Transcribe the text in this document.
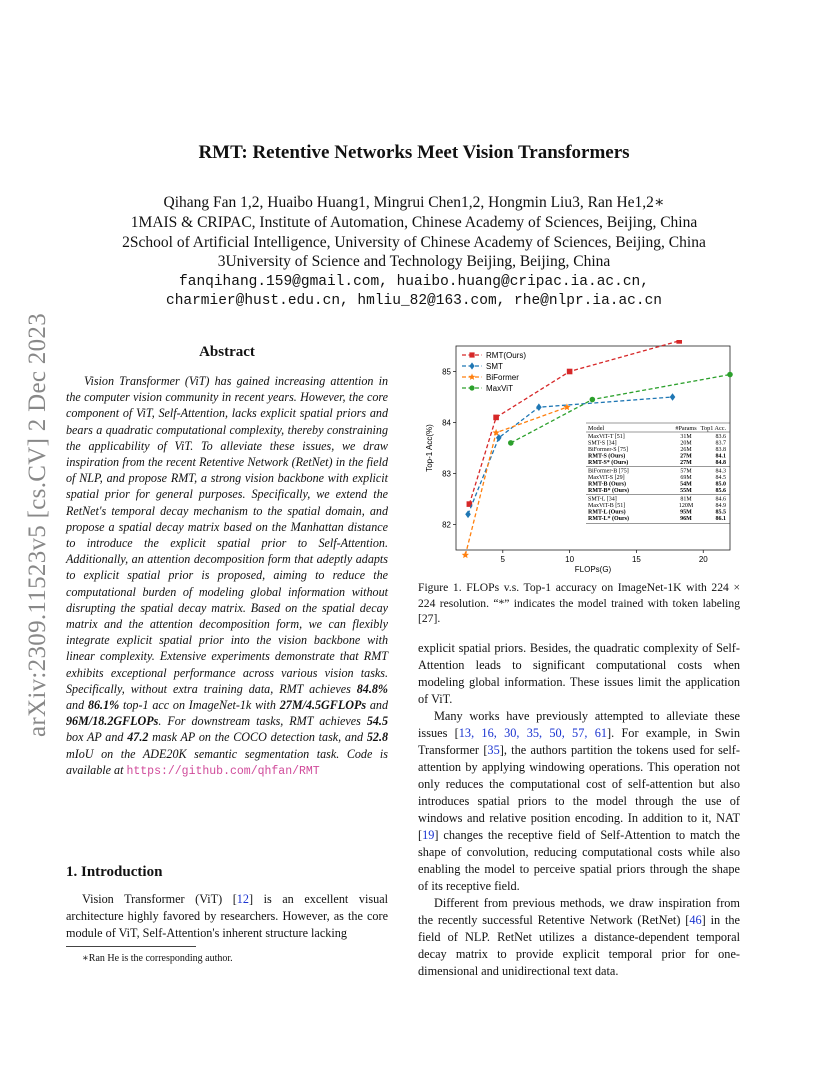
arXiv:2309.11523v5 [cs.CV] 2 Dec 2023
RMT: Retentive Networks Meet Vision Transformers
Qihang Fan 1,2, Huaibo Huang1, Mingrui Chen1,2, Hongmin Liu3, Ran He1,2∗
1MAIS & CRIPAC, Institute of Automation, Chinese Academy of Sciences, Beijing, China
2School of Artificial Intelligence, University of Chinese Academy of Sciences, Beijing, China
3University of Science and Technology Beijing, Beijing, China
fanqihang.159@gmail.com, huaibo.huang@cripac.ia.ac.cn,
charmier@hust.edu.cn, hmliu_82@163.com, rhe@nlpr.ia.ac.cn
Abstract

Vision Transformer (ViT) has gained increasing attention in the computer vision community in recent years. However, the core component of ViT, Self-Attention, lacks explicit spatial priors and bears a quadratic computational complexity, thereby constraining the applicability of ViT. To alleviate these issues, we draw inspiration from the recent Retentive Network (RetNet) in the field of NLP, and propose RMT, a strong vision backbone with explicit spatial prior for general purposes. Specifically, we extend the RetNet's temporal decay mechanism to the spatial domain, and propose a spatial decay matrix based on the Manhattan distance to introduce the explicit spatial prior to Self-Attention. Additionally, an attention decomposition form that adeptly adapts to explicit spatial prior is proposed, aiming to reduce the computational burden of modeling global information without disrupting the spatial decay matrix. Based on the spatial decay matrix and the attention decomposition form, we can flexibly integrate explicit spatial prior into the vision backbone with linear complexity. Extensive experiments demonstrate that RMT exhibits exceptional performance across various vision tasks. Specifically, without extra training data, RMT achieves 84.8% and 86.1% top-1 acc on ImageNet-1k with 27M/4.5GFLOPs and 96M/18.2GFLOPs. For downstream tasks, RMT achieves 54.5 box AP and 47.2 mask AP on the COCO detection task, and 52.8 mIoU on the ADE20K semantic segmentation task. Code is available at https://github.com/qhfan/RMT

1. Introduction

Vision Transformer (ViT) [12] is an excellent visual architecture highly favored by researchers. However, as the core module of ViT, Self-Attention's inherent structure lacking

∗Ran He is the corresponding author.
5	10	15	20
82
83
84
85
RMT(Ours)
SMT
BiFormer
MaxViT
Model	#Params Top1 Acc.
MaxViT-T [51]	31M	83.6
SMT-S [34]	20M	83.7
BiFormer-S [75]	26M	83.8
RMT-S (Ours)	27M	84.1
RMT-S* (Ours)	27M	84.8
BiFormer-B [75]	57M	84.3
MaxViT-S [29]	69M	84.5
RMT-B (Ours)	54M	85.0
RMT-B* (Ours)	55M	85.6
SMT-L [34]	81M	84.6
MaxViT-B [51]	120M	84.9
RMT-L (Ours)	95M	85.5
RMT-L* (Ours)	96M	86.1
FLOPs(G)
Top-1 Acc(%)

Figure 1. FLOPs v.s. Top-1 accuracy on ImageNet-1K with 224 × 224 resolution. “*” indicates the model trained with token labeling [27].

explicit spatial priors. Besides, the quadratic complexity of Self-Attention leads to significant computational costs when modeling global information. These issues limit the application of ViT.

Many works have previously attempted to alleviate these issues [13, 16, 30, 35, 50, 57, 61]. For example, in Swin Transformer [35], the authors partition the tokens used for self-attention by applying windowing operations. This operation not only reduces the computational cost of self-attention but also introduces spatial priors to the model through the use of windows and relative position encoding. In addition to it, NAT [19] changes the receptive field of Self-Attention to match the shape of convolution, reducing computational costs while also enabling the model to perceive spatial priors through the shape of its receptive field.

Different from previous methods, we draw inspiration from the recently successful Retentive Network (RetNet) [46] in the field of NLP. RetNet utilizes a distance-dependent temporal decay matrix to provide explicit temporal prior for one-dimensional and unidirectional text data.
